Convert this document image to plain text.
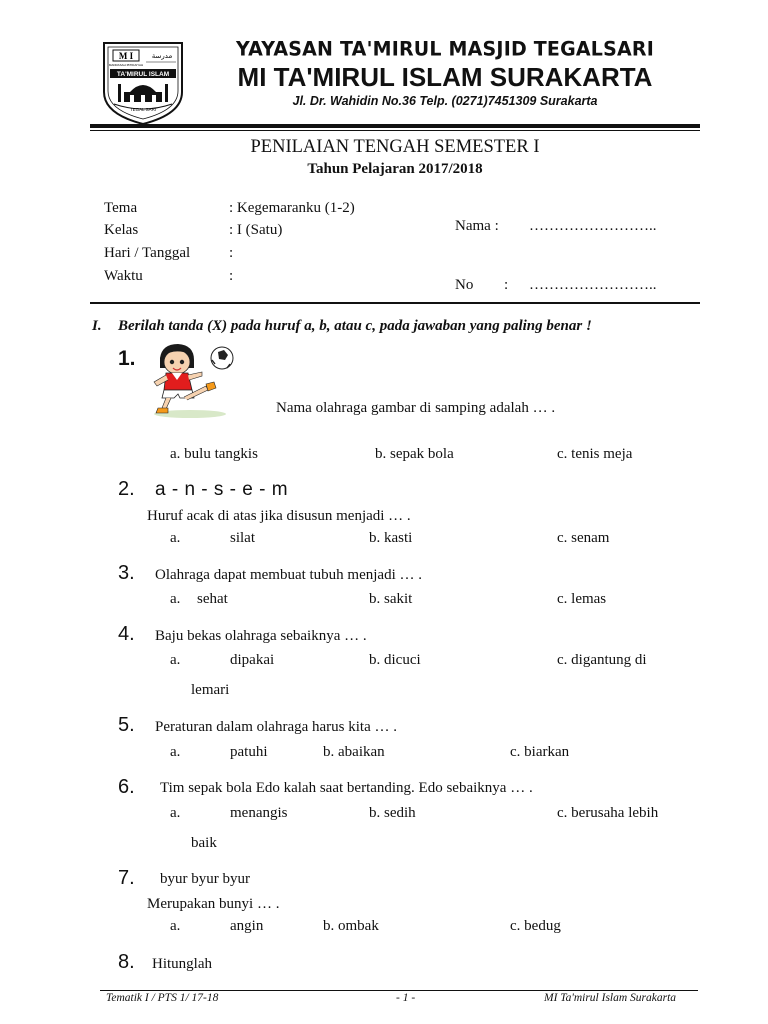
M I
MADRASAH IBTIDAIYAH
مدرسة
TA'MIRUL ISLAM
TEGAL SARI
YAYASAN TA'MIRUL MASJID TEGALSARI
MI TA'MIRUL ISLAM SURAKARTA
Jl. Dr. Wahidin No.36 Telp. (0271)7451309 Surakarta
PENILAIAN TENGAH SEMESTER I
Tahun Pelajaran 2017/2018
Tema	: Kegemaranku (1-2)
Kelas	: I (Satu)
Hari / Tanggal	:
Waktu	:
Nama : ……………………..
No : ……………………..
I. Berilah tanda (X) pada huruf a, b, atau c, pada jawaban yang paling benar !
1.
Nama olahraga gambar di samping adalah … .
a. bulu tangkis	b. sepak bola	c. tenis meja
2. a - n - s - e - m
Huruf acak di atas jika disusun menjadi … .
a.	silat	b. kasti	c. senam
3. Olahraga dapat membuat tubuh menjadi … .
a. sehat	b. sakit	c. lemas
4. Baju bekas olahraga sebaiknya … .
a.	dipakai	b. dicuci	c. digantung di
lemari
5. Peraturan dalam olahraga harus kita … .
a.	patuhi	b. abaikan	c. biarkan
6. Tim sepak bola Edo kalah saat bertanding. Edo sebaiknya … .
a.	menangis	b. sedih	c. berusaha lebih
baik
7. byur byur byur
Merupakan bunyi … .
a.	angin	b. ombak	c. bedug
8. Hitunglah
Tematik I / PTS 1/ 17-18	- 1 -	MI Ta'mirul Islam Surakarta
